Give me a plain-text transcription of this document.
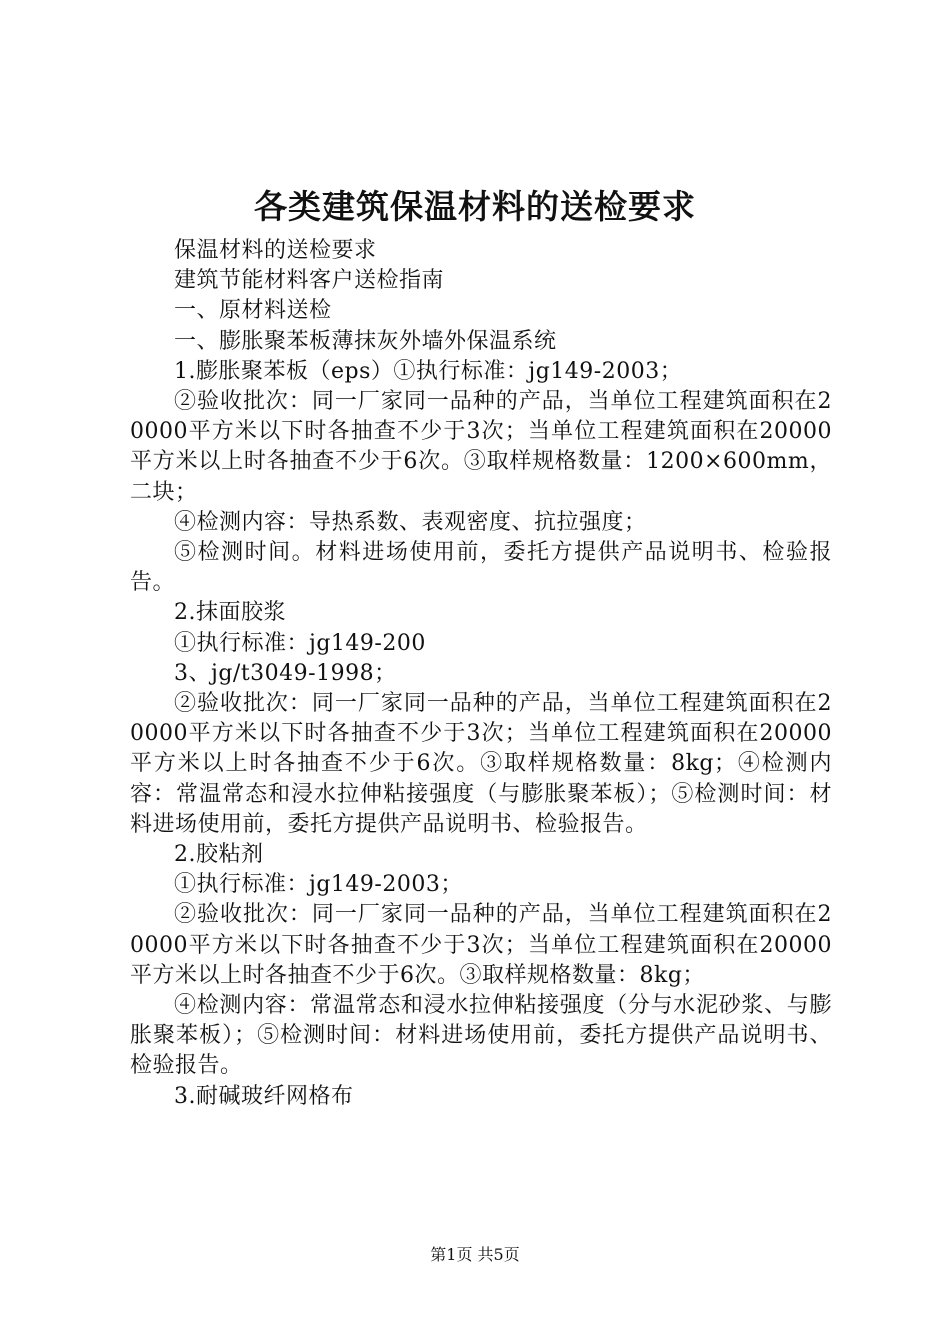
各类建筑保温材料的送检要求

保温材料的送检要求

建筑节能材料客户送检指南

一、原材料送检

一、膨胀聚苯板薄抹灰外墙外保温系统

1.膨胀聚苯板（eps）①执行标准：jg149-2003；

②验收批次：同一厂家同一品种的产品，当单位工程建筑面积在20000平方米以下时各抽查不少于3次；当单位工程建筑面积在20000平方米以上时各抽查不少于6次。③取样规格数量：1200×600mm，二块；

④检测内容：导热系数、表观密度、抗拉强度；

⑤检测时间。材料进场使用前，委托方提供产品说明书、检验报告。

2.抹面胶浆

①执行标准：jg149-200

3、jg/t3049-1998；

②验收批次：同一厂家同一品种的产品，当单位工程建筑面积在20000平方米以下时各抽查不少于3次；当单位工程建筑面积在20000平方米以上时各抽查不少于6次。③取样规格数量：8kg；④检测内容：常温常态和浸水拉伸粘接强度（与膨胀聚苯板）；⑤检测时间：材料进场使用前，委托方提供产品说明书、检验报告。

2.胶粘剂

①执行标准：jg149-2003；

②验收批次：同一厂家同一品种的产品，当单位工程建筑面积在20000平方米以下时各抽查不少于3次；当单位工程建筑面积在20000平方米以上时各抽查不少于6次。③取样规格数量：8kg；

④检测内容：常温常态和浸水拉伸粘接强度（分与水泥砂浆、与膨胀聚苯板）；⑤检测时间：材料进场使用前，委托方提供产品说明书、检验报告。

3.耐碱玻纤网格布

第1页 共5页
